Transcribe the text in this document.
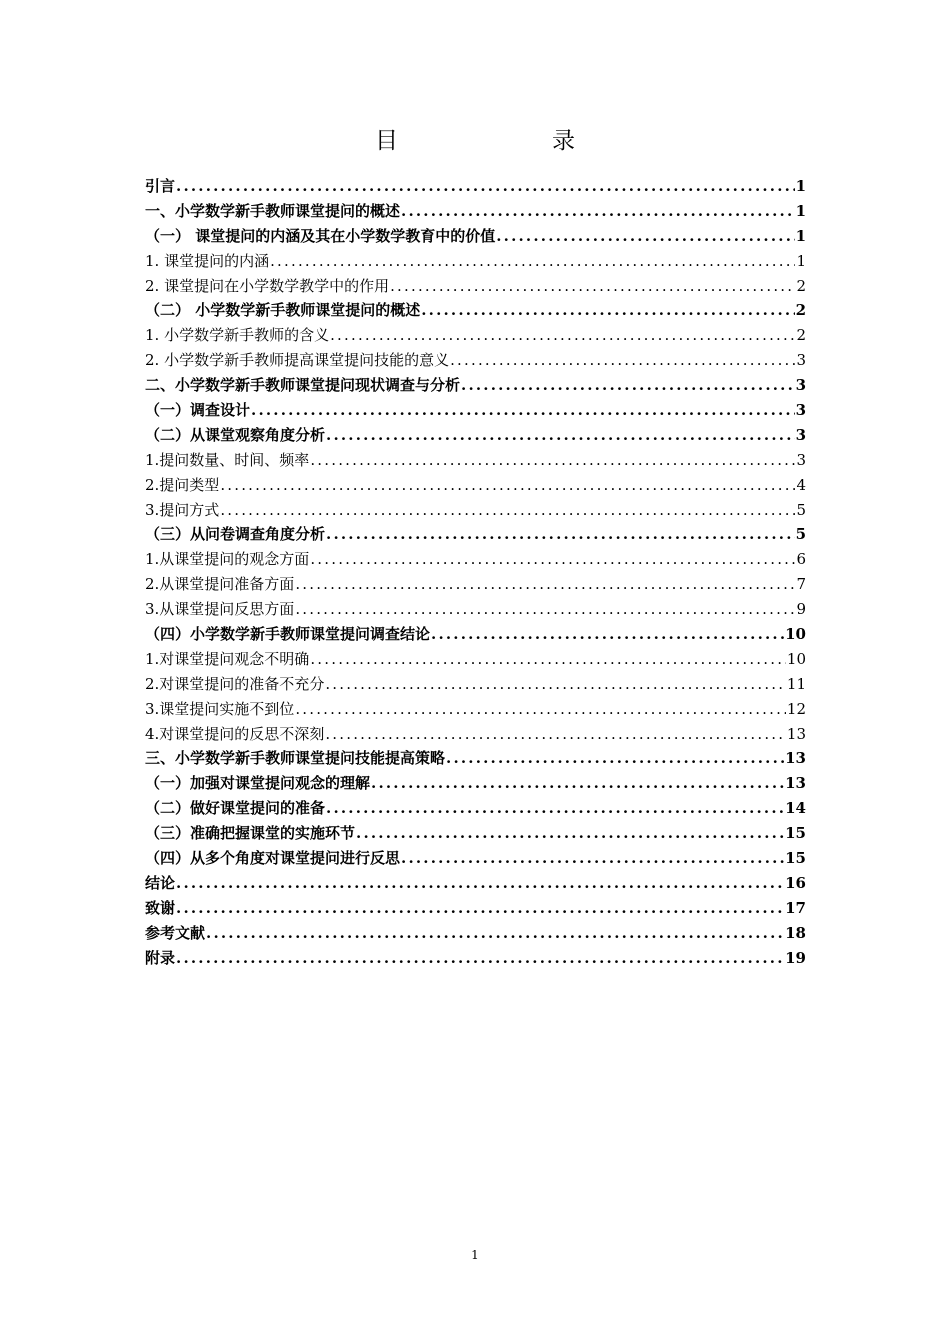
目　　录
引言 .....	1
一、小学数学新手教师课堂提问的概述 .....	1
（一） 课堂提问的内涵及其在小学数学教育中的价值 .....	1
1. 课堂提问的内涵 .....	1
2. 课堂提问在小学数学教学中的作用 .....	2
（二） 小学数学新手教师课堂提问的概述 .....	2
1. 小学数学新手教师的含义 .....	2
2. 小学数学新手教师提高课堂提问技能的意义 .....	3
二、小学数学新手教师课堂提问现状调查与分析 .....	3
（一）调查设计 .....	3
（二）从课堂观察角度分析 .....	3
1.提问数量、时间、频率 .....	3
2.提问类型 .....	4
3.提问方式 .....	5
（三）从问卷调查角度分析 .....	5
1.从课堂提问的观念方面 .....	6
2.从课堂提问准备方面 .....	7
3.从课堂提问反思方面 .....	9
（四）小学数学新手教师课堂提问调查结论 .....	10
1.对课堂提问观念不明确 .....	10
2.对课堂提问的准备不充分 .....	11
3.课堂提问实施不到位 .....	12
4.对课堂提问的反思不深刻 .....	13
三、小学数学新手教师课堂提问技能提高策略 .....	13
（一）加强对课堂提问观念的理解 .....	13
（二）做好课堂提问的准备 .....	14
（三）准确把握课堂的实施环节 .....	15
（四）从多个角度对课堂提问进行反思 .....	15
结论 .....	16
致谢 .....	17
参考文献 .....	18
附录 .....	19
1
